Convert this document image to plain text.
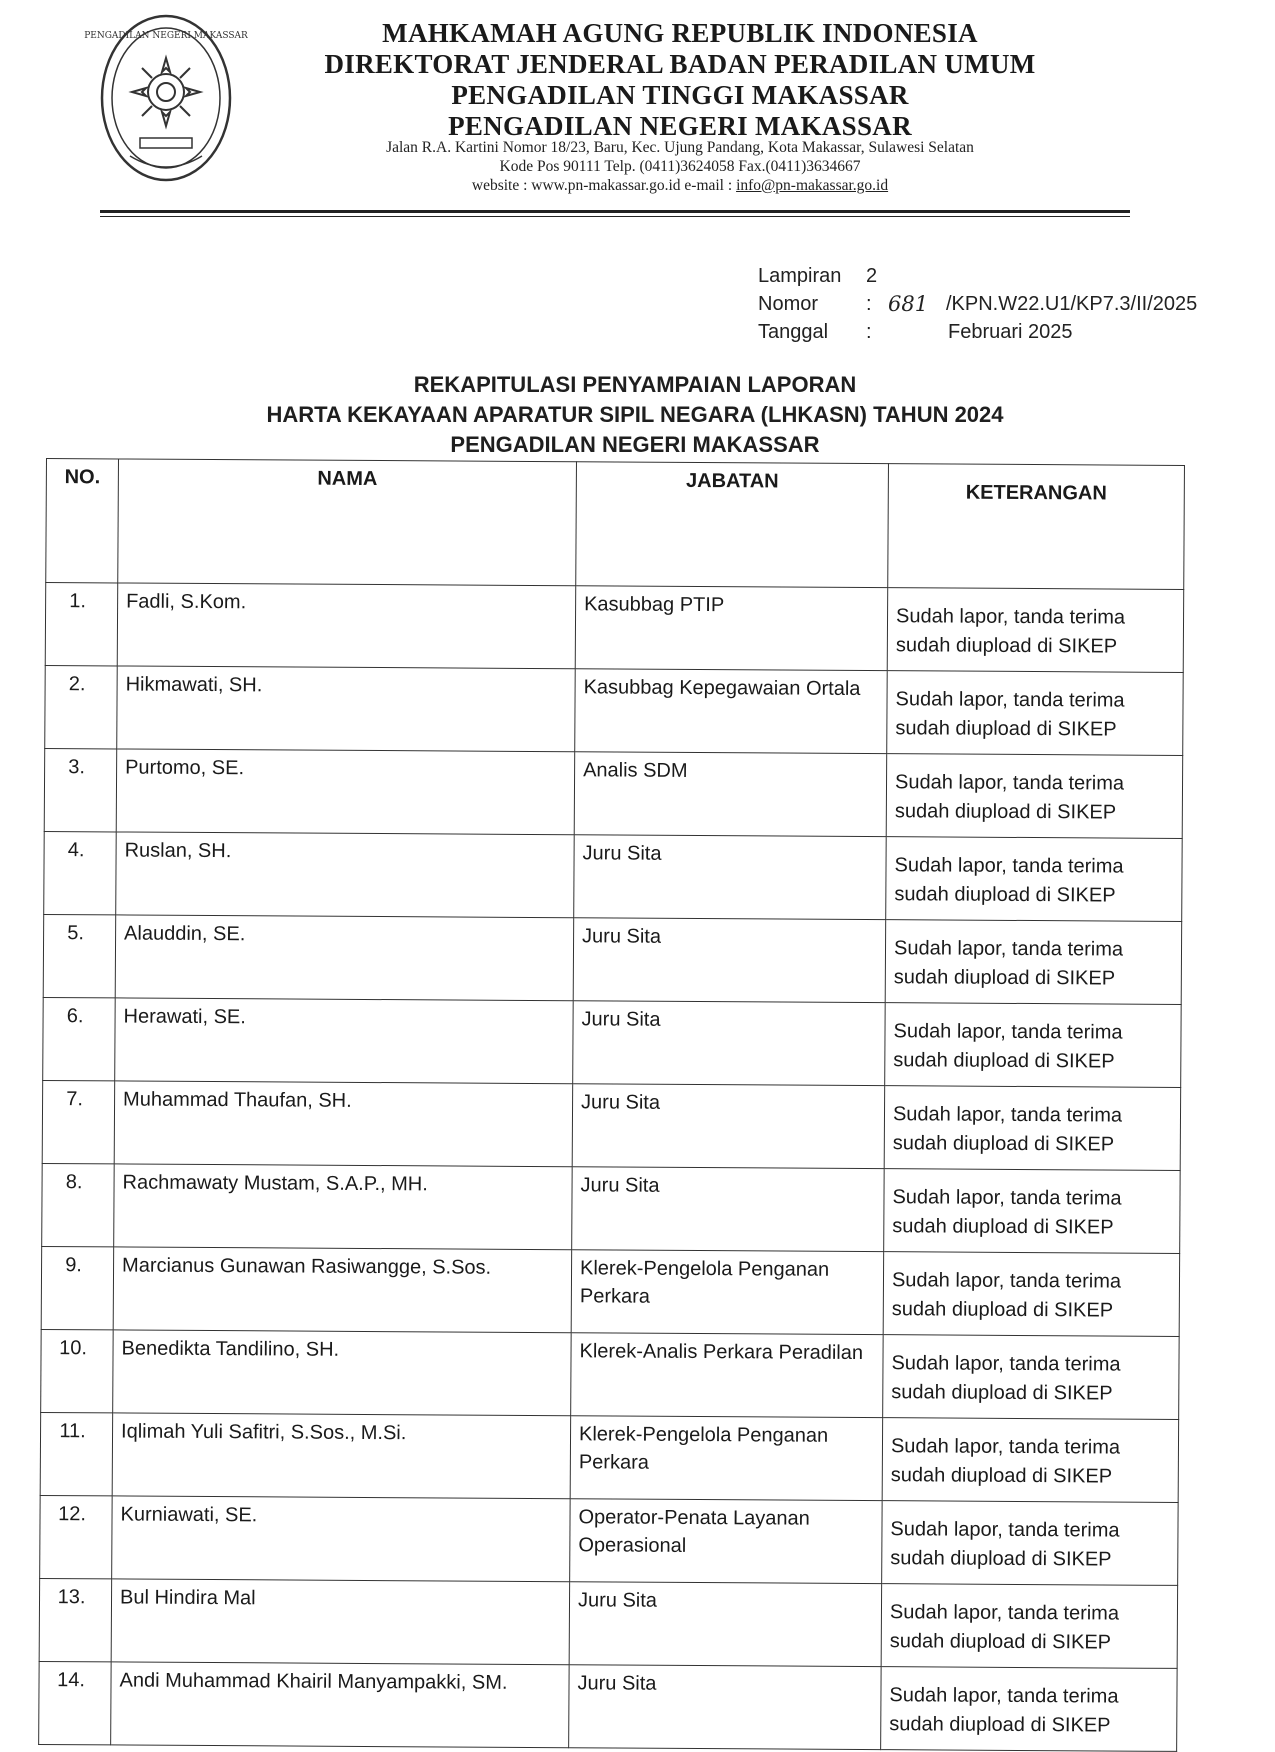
PENGADILAN NEGERI MAKASSAR	MAHKAMAH AGUNG REPUBLIK INDONESIA
DIREKTORAT JENDERAL BADAN PERADILAN UMUM
PENGADILAN TINGGI MAKASSAR
PENGADILAN NEGERI MAKASSAR
Jalan R.A. Kartini Nomor 18/23, Baru, Kec. Ujung Pandang, Kota Makassar, Sulawesi Selatan
Kode Pos 90111 Telp. (0411)3624058 Fax.(0411)3634667
website : www.pn-makassar.go.id e-mail : info@pn-makassar.go.id
Lampiran	2
Nomor	: 681 /KPN.W22.U1/KP7.3/II/2025
Tanggal	:	Februari 2025
REKAPITULASI PENYAMPAIAN LAPORAN
HARTA KEKAYAAN APARATUR SIPIL NEGARA (LHKASN) TAHUN 2024
PENGADILAN NEGERI MAKASSAR
NO.	NAMA	JABATAN	KETERANGAN
1.	Fadli, S.Kom.	Kasubbag PTIP	Sudah lapor, tanda terima sudah diupload di SIKEP
2.	Hikmawati, SH.	Kasubbag Kepegawaian Ortala	Sudah lapor, tanda terima sudah diupload di SIKEP
3.	Purtomo, SE.	Analis SDM	Sudah lapor, tanda terima sudah diupload di SIKEP
4.	Ruslan, SH.	Juru Sita	Sudah lapor, tanda terima sudah diupload di SIKEP
5.	Alauddin, SE.	Juru Sita	Sudah lapor, tanda terima sudah diupload di SIKEP
6.	Herawati, SE.	Juru Sita	Sudah lapor, tanda terima sudah diupload di SIKEP
7.	Muhammad Thaufan, SH.	Juru Sita	Sudah lapor, tanda terima sudah diupload di SIKEP
8.	Rachmawaty Mustam, S.A.P., MH.	Juru Sita	Sudah lapor, tanda terima sudah diupload di SIKEP
9.	Marcianus Gunawan Rasiwangge, S.Sos.	Klerek-Pengelola Penganan Perkara	Sudah lapor, tanda terima sudah diupload di SIKEP
10.	Benedikta Tandilino, SH.	Klerek-Analis Perkara Peradilan	Sudah lapor, tanda terima sudah diupload di SIKEP
11.	Iqlimah Yuli Safitri, S.Sos., M.Si.	Klerek-Pengelola Penganan Perkara	Sudah lapor, tanda terima sudah diupload di SIKEP
12.	Kurniawati, SE.	Operator-Penata Layanan Operasional	Sudah lapor, tanda terima sudah diupload di SIKEP
13.	Bul Hindira Mal	Juru Sita	Sudah lapor, tanda terima sudah diupload di SIKEP
14.	Andi Muhammad Khairil Manyampakki, SM.	Juru Sita	Sudah lapor, tanda terima sudah diupload di SIKEP
